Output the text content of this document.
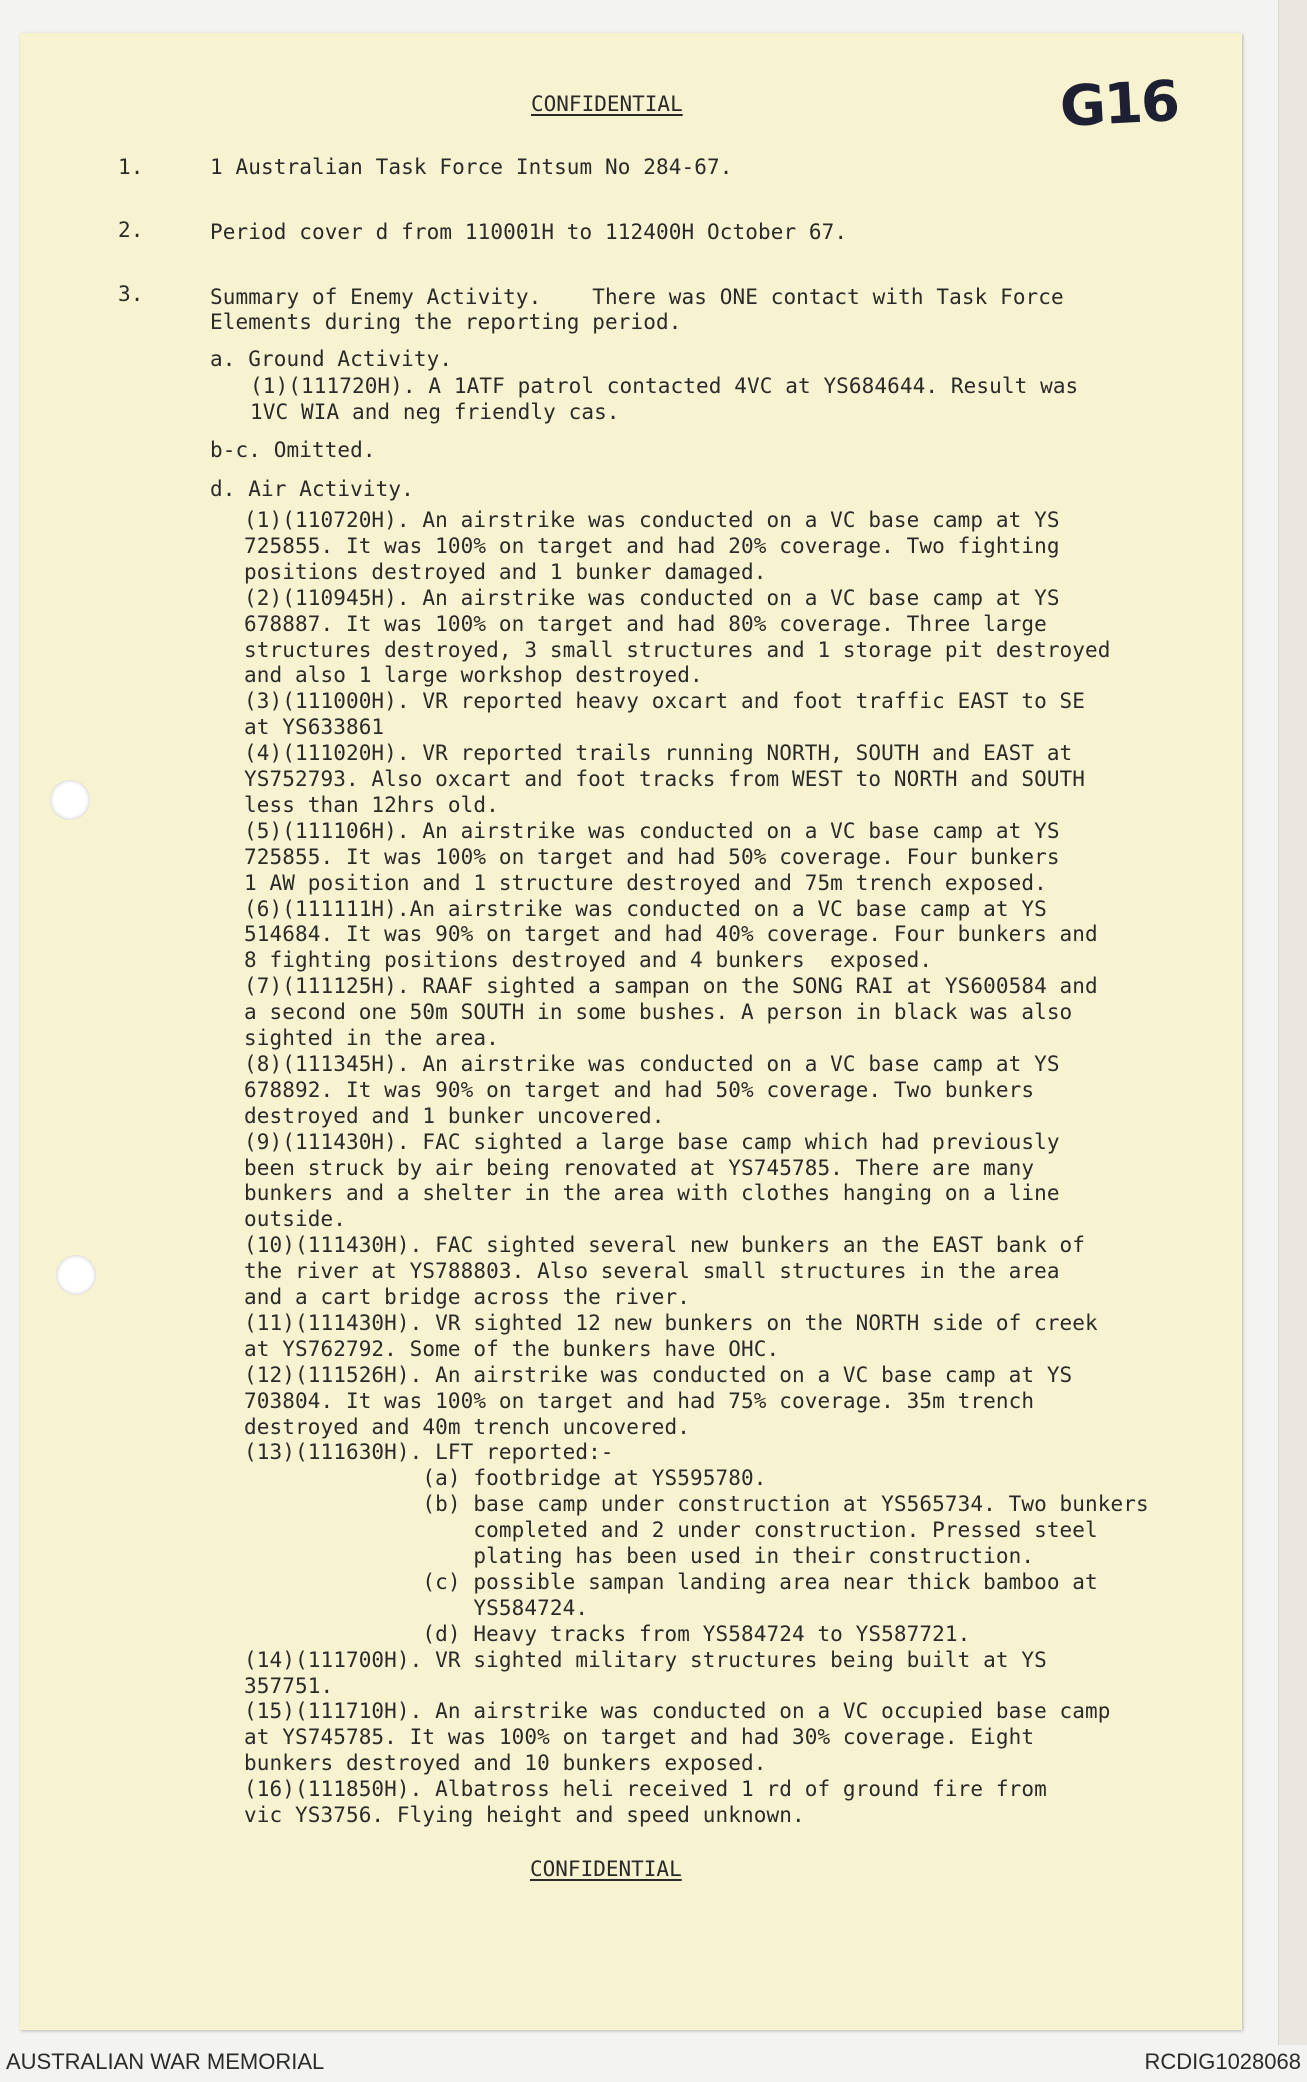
CONFIDENTIAL	G16
1.	1 Australian Task Force Intsum No 284-67.
2.	Period cover d from 110001H to 112400H October 67.
3.	Summary of Enemy Activity.    There was ONE contact with Task Force
Elements during the reporting period.
a. Ground Activity.
(1)(111720H). A 1ATF patrol contacted 4VC at YS684644. Result was
1VC WIA and neg friendly cas.
b-c. Omitted.
d. Air Activity.
(1)(110720H). An airstrike was conducted on a VC base camp at YS
725855. It was 100% on target and had 20% coverage. Two fighting
positions destroyed and 1 bunker damaged.
(2)(110945H). An airstrike was conducted on a VC base camp at YS
678887. It was 100% on target and had 80% coverage. Three large
structures destroyed, 3 small structures and 1 storage pit destroyed
and also 1 large workshop destroyed.
(3)(111000H). VR reported heavy oxcart and foot traffic EAST to SE
at YS633861
(4)(111020H). VR reported trails running NORTH, SOUTH and EAST at
YS752793. Also oxcart and foot tracks from WEST to NORTH and SOUTH
less than 12hrs old.
(5)(111106H). An airstrike was conducted on a VC base camp at YS
725855. It was 100% on target and had 50% coverage. Four bunkers
1 AW position and 1 structure destroyed and 75m trench exposed.
(6)(111111H).An airstrike was conducted on a VC base camp at YS
514684. It was 90% on target and had 40% coverage. Four bunkers and
8 fighting positions destroyed and 4 bunkers  exposed.
(7)(111125H). RAAF sighted a sampan on the SONG RAI at YS600584 and
a second one 50m SOUTH in some bushes. A person in black was also
sighted in the area.
(8)(111345H). An airstrike was conducted on a VC base camp at YS
678892. It was 90% on target and had 50% coverage. Two bunkers
destroyed and 1 bunker uncovered.
(9)(111430H). FAC sighted a large base camp which had previously
been struck by air being renovated at YS745785. There are many
bunkers and a shelter in the area with clothes hanging on a line
outside.
(10)(111430H). FAC sighted several new bunkers an the EAST bank of
the river at YS788803. Also several small structures in the area
and a cart bridge across the river.
(11)(111430H). VR sighted 12 new bunkers on the NORTH side of creek
at YS762792. Some of the bunkers have OHC.
(12)(111526H). An airstrike was conducted on a VC base camp at YS
703804. It was 100% on target and had 75% coverage. 35m trench
destroyed and 40m trench uncovered.
(13)(111630H). LFT reported:-
(a) footbridge at YS595780.
(b) base camp under construction at YS565734. Two bunkers
completed and 2 under construction. Pressed steel
plating has been used in their construction.
(c) possible sampan landing area near thick bamboo at
YS584724.
(d) Heavy tracks from YS584724 to YS587721.
(14)(111700H). VR sighted military structures being built at YS
357751.
(15)(111710H). An airstrike was conducted on a VC occupied base camp
at YS745785. It was 100% on target and had 30% coverage. Eight
bunkers destroyed and 10 bunkers exposed.
(16)(111850H). Albatross heli received 1 rd of ground fire from
vic YS3756. Flying height and speed unknown.
CONFIDENTIAL
AUSTRALIAN WAR MEMORIAL	RCDIG1028068
